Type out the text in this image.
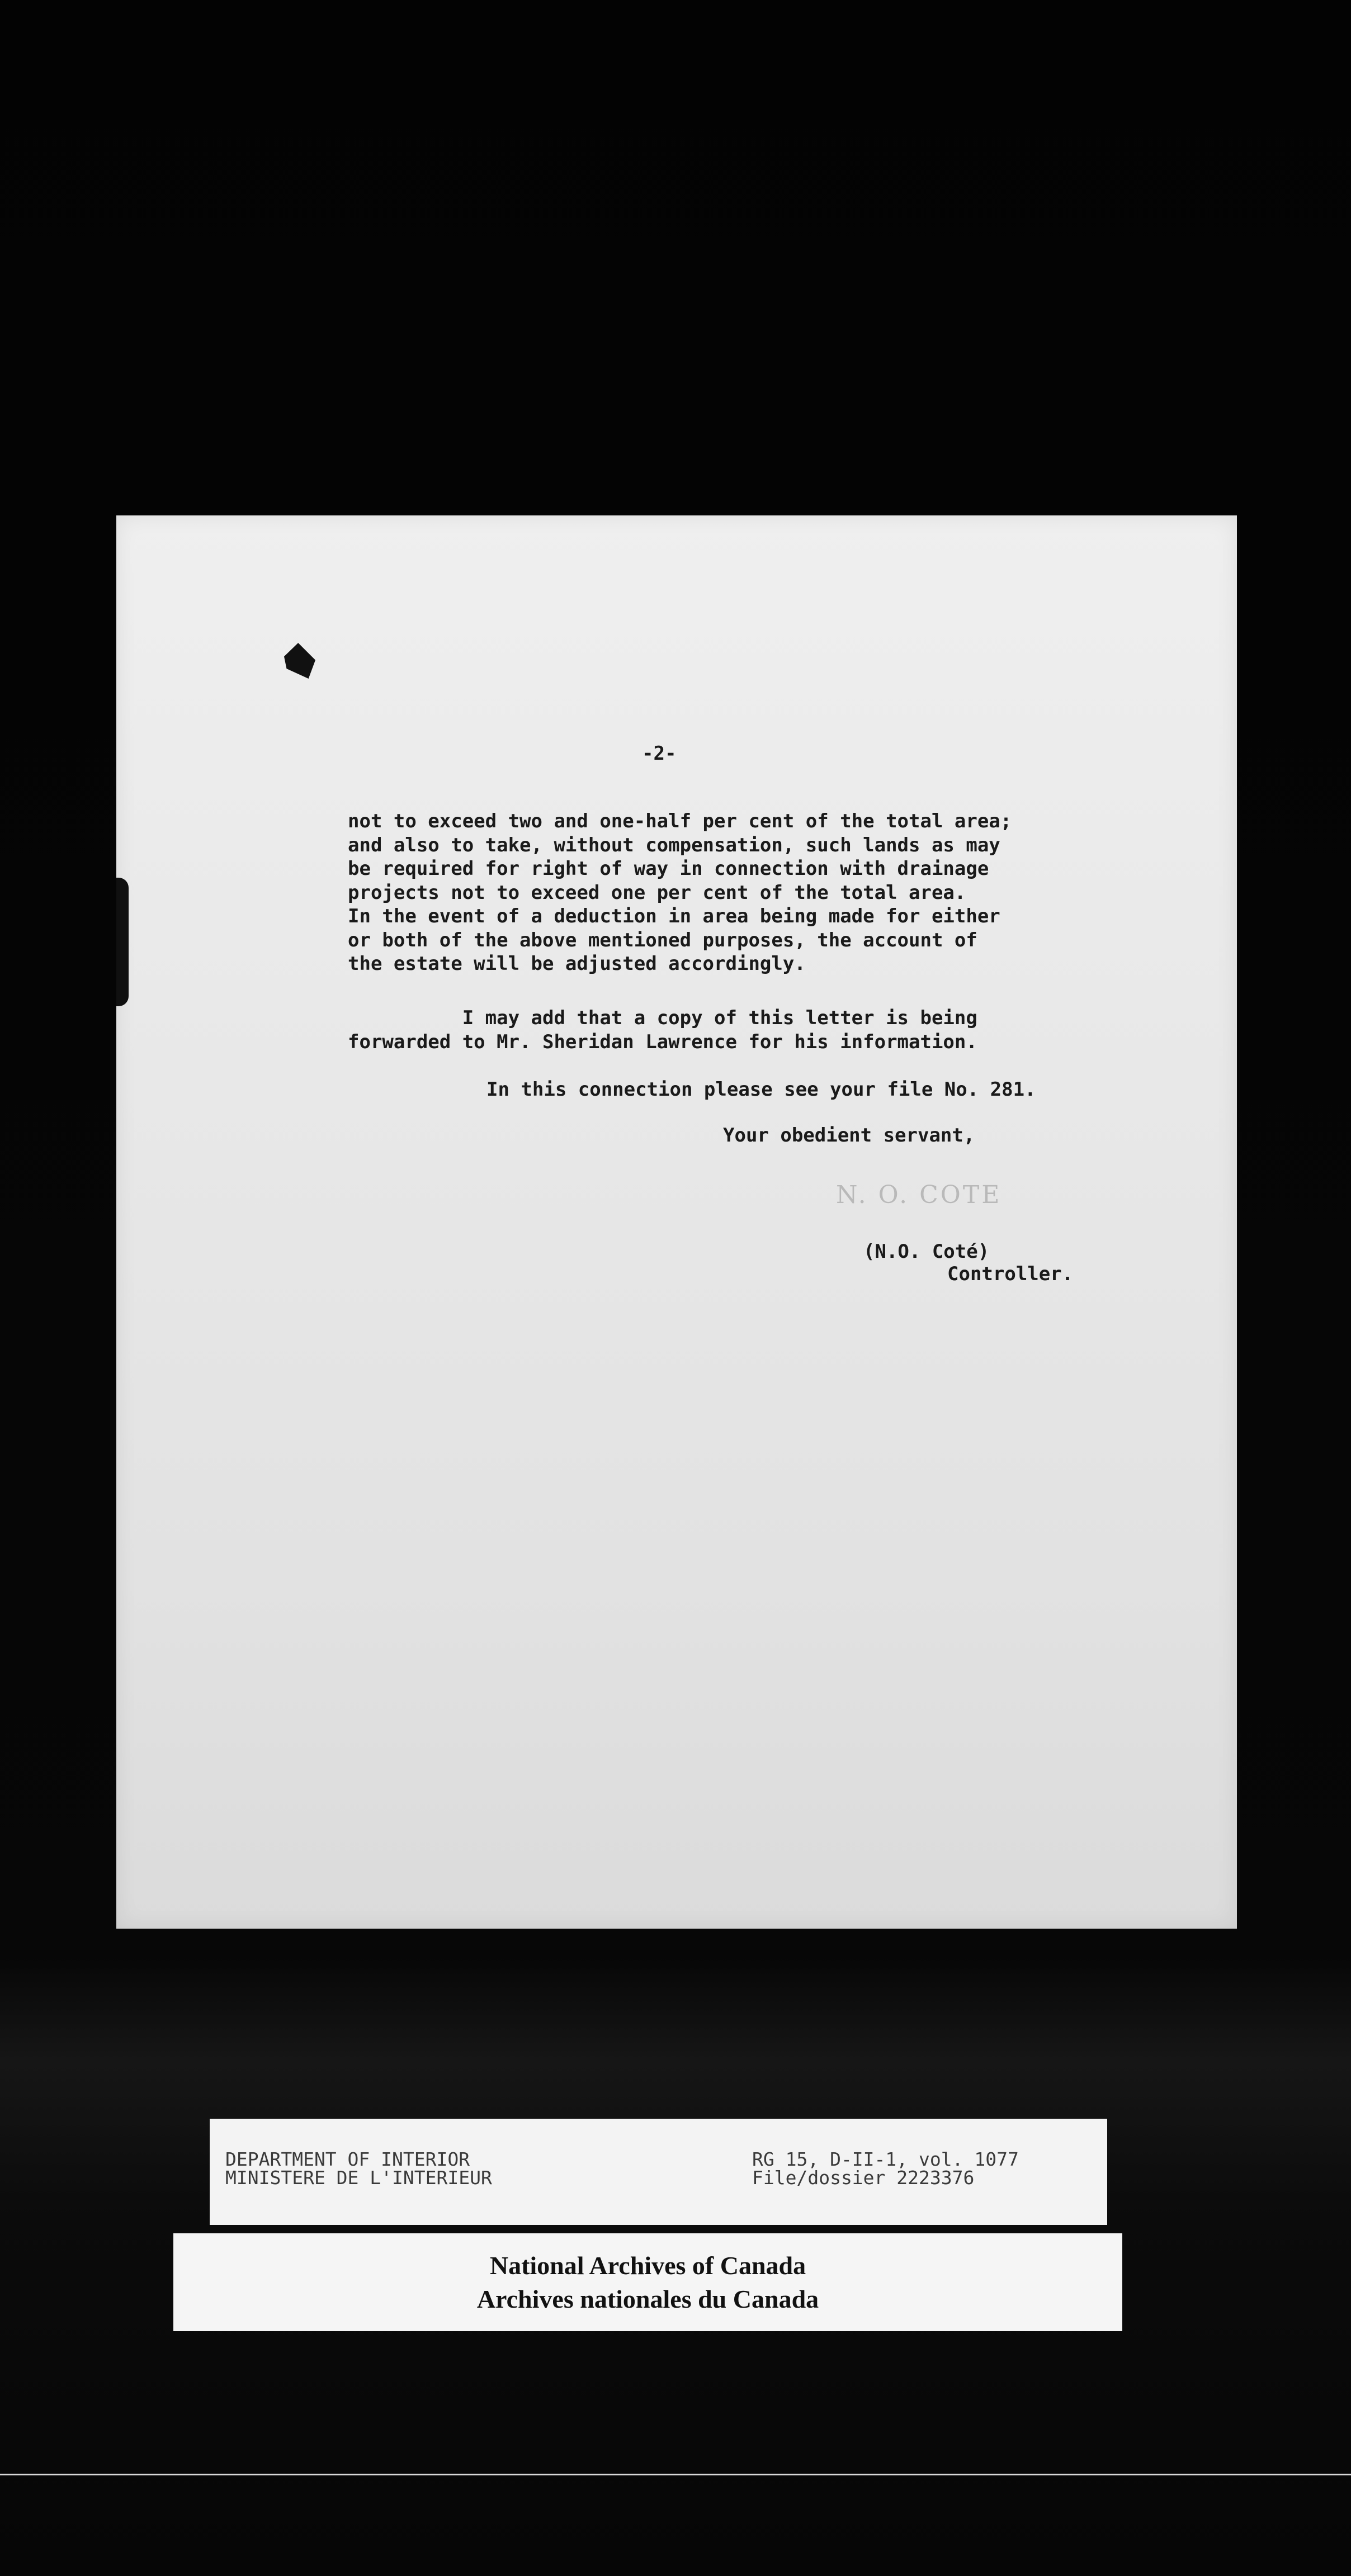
-2-
not to exceed two and one-half per cent of the total area;
and also to take, without compensation, such lands as may
be required for right of way in connection with drainage
projects not to exceed one per cent of the total area.
In the event of a deduction in area being made for either
or both of the above mentioned purposes, the account of
the estate will be adjusted accordingly.
I may add that a copy of this letter is being
forwarded to Mr. Sheridan Lawrence for his information.
In this connection please see your file No. 281.
Your obedient servant,
N. O. COTE
(N.O. Coté)
Controller.
DEPARTMENT OF INTERIOR
MINISTERE DE L'INTERIEUR
RG 15, D-II-1, vol. 1077
File/dossier 2223376
National Archives of Canada
Archives nationales du Canada
